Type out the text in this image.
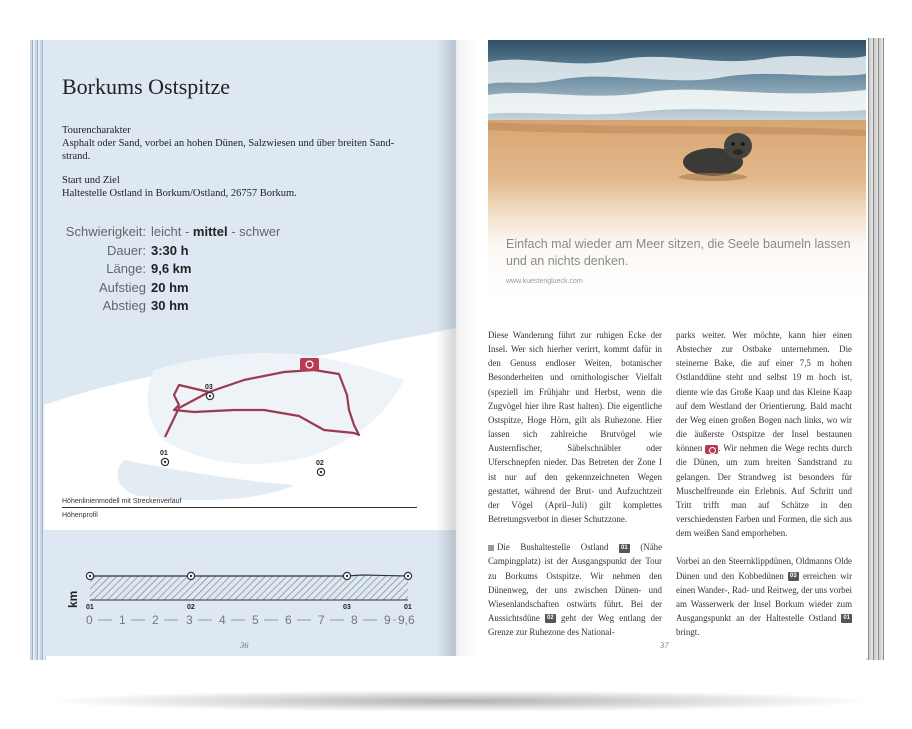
Borkums Ostspitze
Tourencharakter
Asphalt oder Sand, vorbei an hohen Dünen, Salzwiesen und über breiten Sand-
strand.
Start und Ziel
Haltestelle Ostland in Borkum/Ostland, 26757 Borkum.
Schwierigkeit: leicht - mittel - schwer
Dauer: 3:30 h
Länge: 9,6 km
Aufstieg 20 hm
Abstieg 30 hm
01
02
03
Höhenlinienmodell mit Streckenverlauf
Höhenprofil
01	02	03	01
0 1 2 3 4 5 6 7 8 9 9,6
km
36
Einfach mal wieder am Meer sitzen, die Seele baumeln lassen und an nichts denken.
www.kuestenglueck.com

Diese Wanderung führt zur ruhigen Ecke der Insel. Wer sich hierher verirrt, kommt dafür in den Genuss endloser Weiten, botanischer Besonderheiten und ornithologischer Vielfalt (speziell im Frühjahr und Herbst, wenn die Zugvögel hier ihre Rast halten). Die eigentliche Ostspitze, Hoge Hörn, gilt als Ruhezone. Hier lassen sich zahlreiche Brutvögel wie Austernfischer, Säbelschnäbler oder Uferschnepfen nieder. Das Betreten der Zone I ist nur auf den gekennzeichneten Wegen gestattet, während der Brut- und Aufzuchtzeit der Vögel (April–Juli) gilt komplettes Betretungsverbot in dieser Schutzzone.

Die Bushaltestelle Ostland 01 (Nähe Campingplatz) ist der Ausgangspunkt der Tour zu Borkums Ostspitze. Wir nehmen den Dünenweg, der uns zwischen Dünen- und Wiesenlandschaften ostwärts führt. Bei der Aussichtsdüne 02 geht der Weg entlang der Grenze zur Ruhezone des National-

parks weiter. Wer möchte, kann hier einen Abstecher zur Ostbake unternehmen. Die steinerne Bake, die auf einer 7,5 m hohen Ostlanddüne steht und selbst 19 m hoch ist, diente wie das Große Kaap und das Kleine Kaap auf dem Westland der Orientierung. Bald macht der Weg einen großen Bogen nach links, wo wir die äußerste Ostspitze der Insel bestaunen können . Wir nehmen die Wege rechts durch die Dünen, um zum breiten Sandstrand zu gelangen. Der Strandweg ist besonders für Muschelfreunde ein Erlebnis. Auf Schritt und Tritt trifft man auf Schätze in den verschiedensten Farben und Formen, die sich aus dem weißen Sand emporheben.

Vorbei an den Steernklippdünen, Oldmanns Olde Dünen und den Kobbedünen 03 erreichen wir einen Wander-, Rad- und Reitweg, der uns vorbei am Wasserwerk der Insel Borkum wieder zum Ausgangspunkt an der Haltestelle Ostland 01 bringt.

37
